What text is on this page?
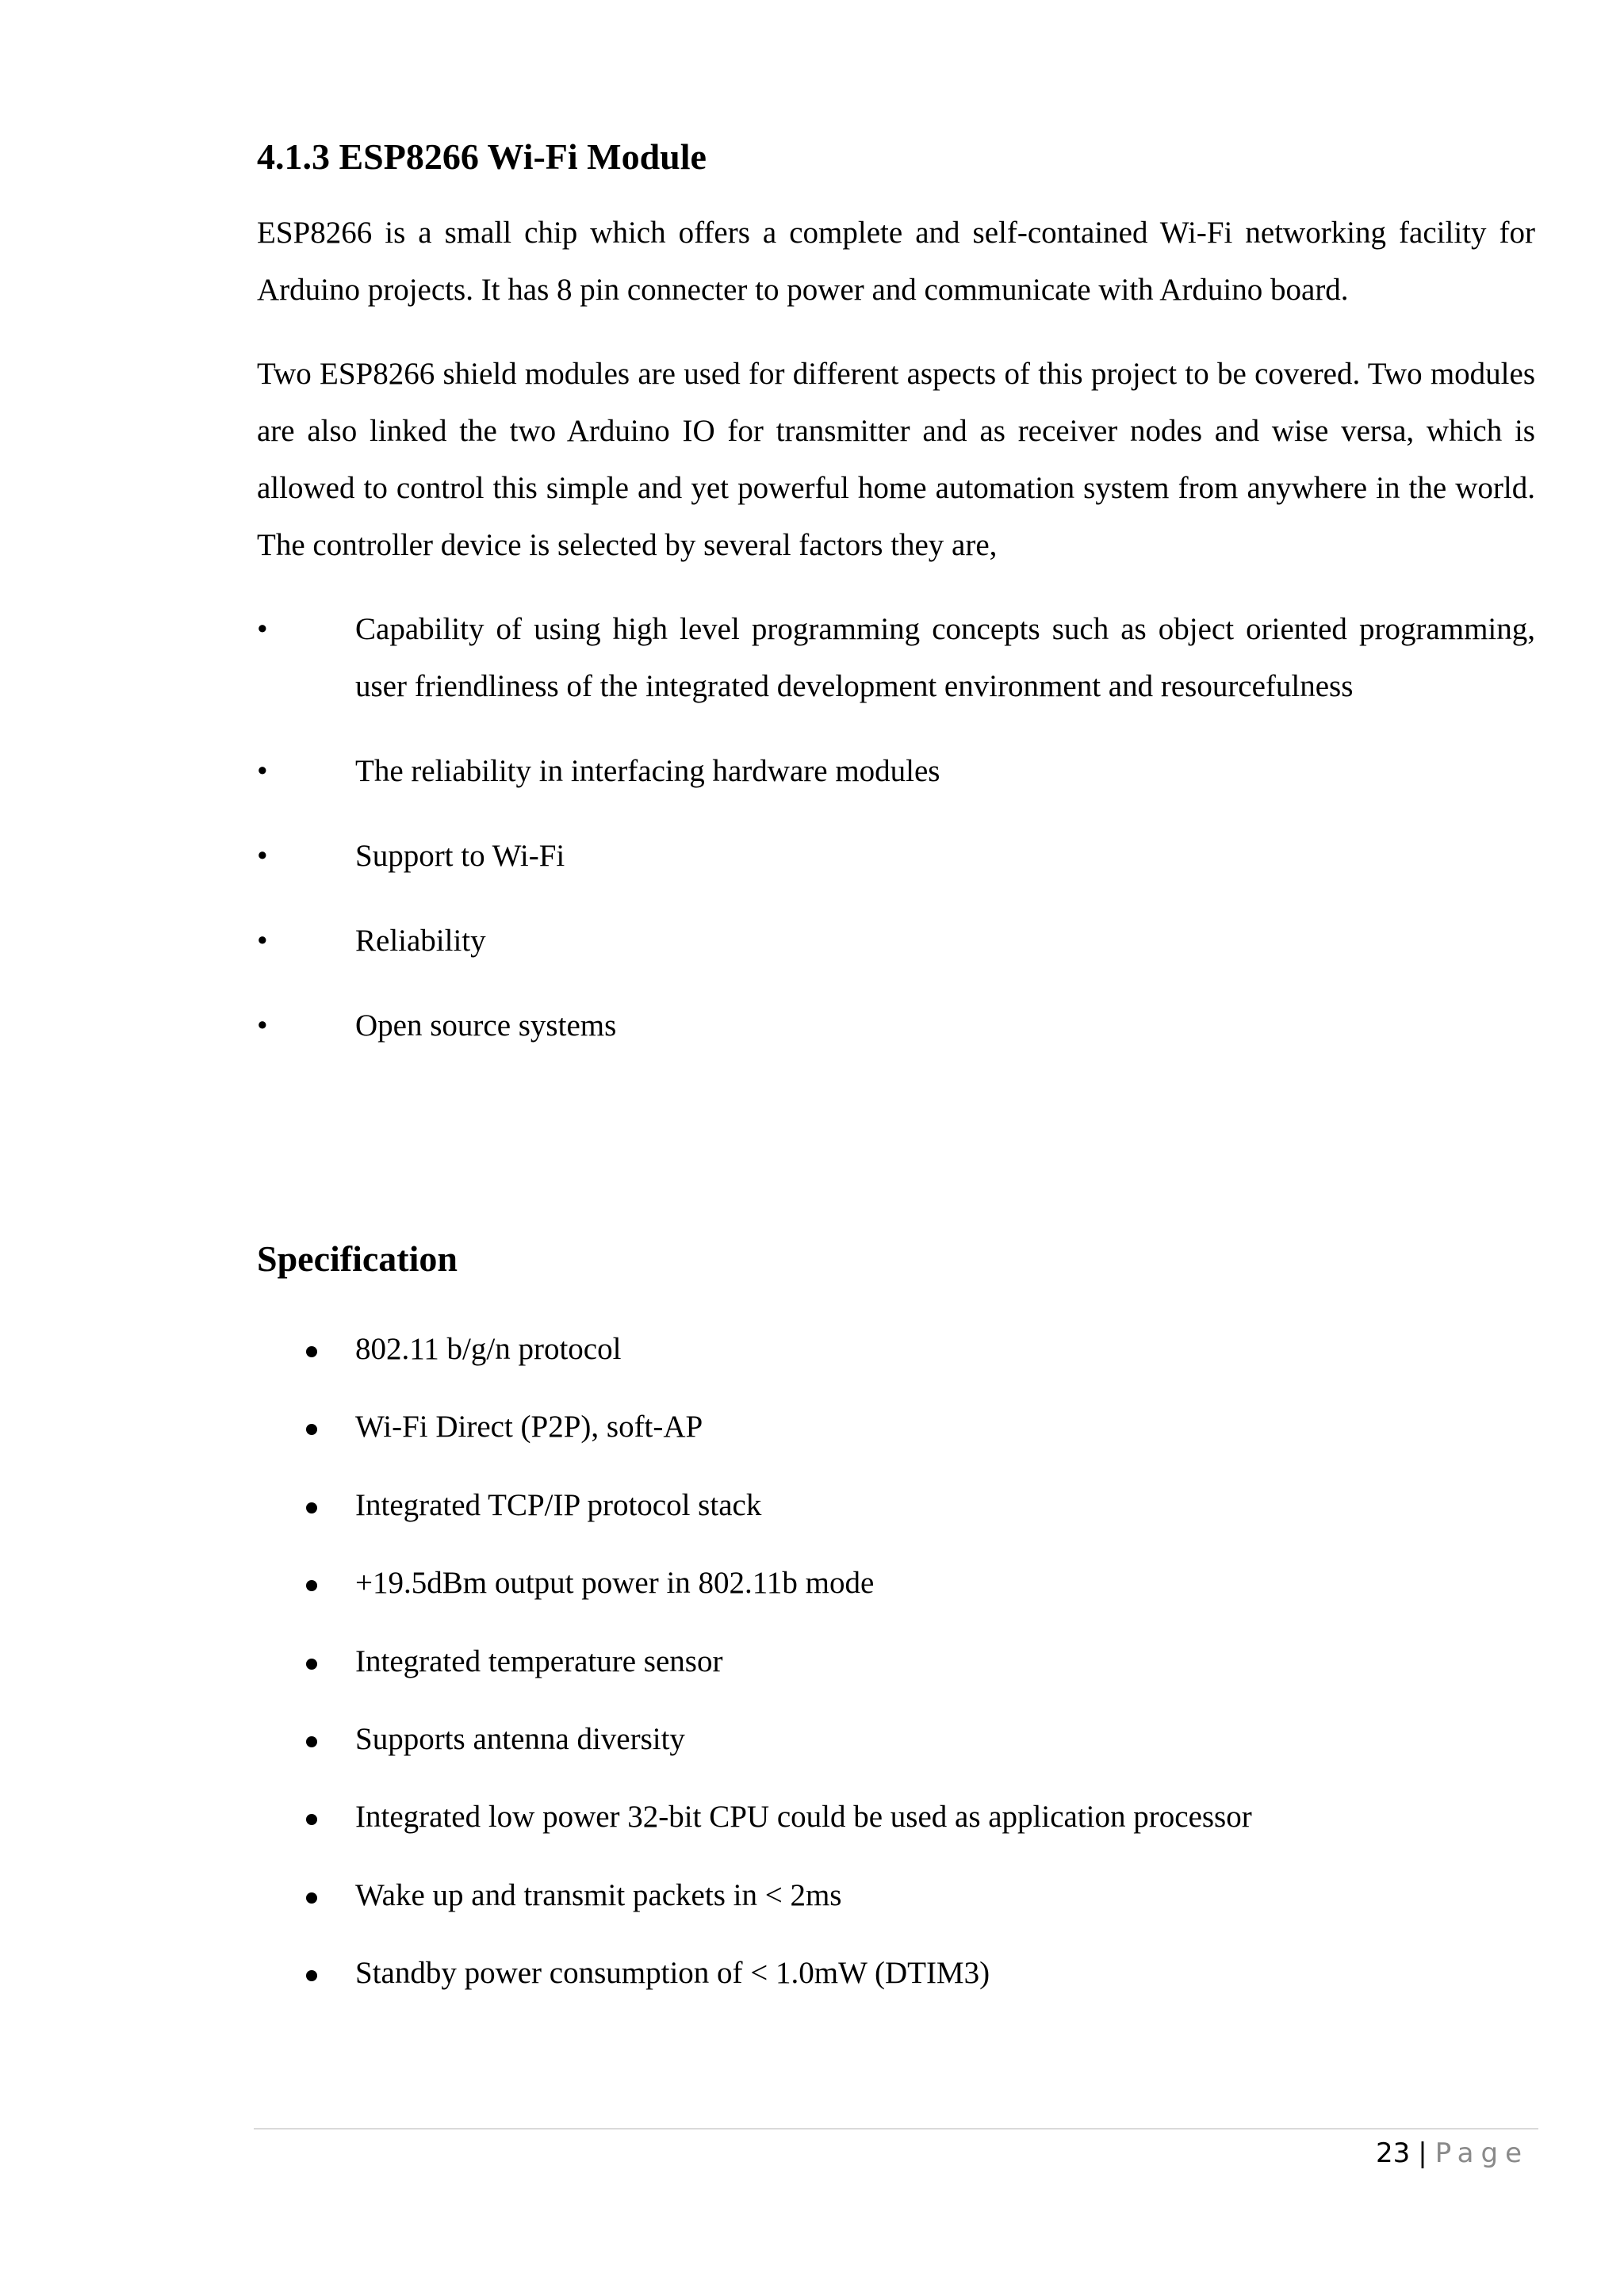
4.1.3 ESP8266 Wi-Fi Module
ESP8266 is a small chip which offers a complete and self-contained Wi-Fi networking facility for Arduino projects. It has 8 pin connecter to power and communicate with Arduino board.
Two ESP8266 shield modules are used for different aspects of this project to be covered. Two modules are also linked the two Arduino IO for transmitter and as receiver nodes and wise versa, which is allowed to control this simple and yet powerful home automation system from anywhere in the world. The controller device is selected by several factors they are,
•	Capability of using high level programming concepts such as object oriented programming, user friendliness of the integrated development environment and resourcefulness
•	The reliability in interfacing hardware modules
•	Support to Wi-Fi
•	Reliability
•	Open source systems
Specification
802.11 b/g/n protocol
Wi-Fi Direct (P2P), soft-AP
Integrated TCP/IP protocol stack
+19.5dBm output power in 802.11b mode
Integrated temperature sensor
Supports antenna diversity
Integrated low power 32-bit CPU could be used as application processor
Wake up and transmit packets in < 2ms
Standby power consumption of < 1.0mW (DTIM3)
23 | Page
